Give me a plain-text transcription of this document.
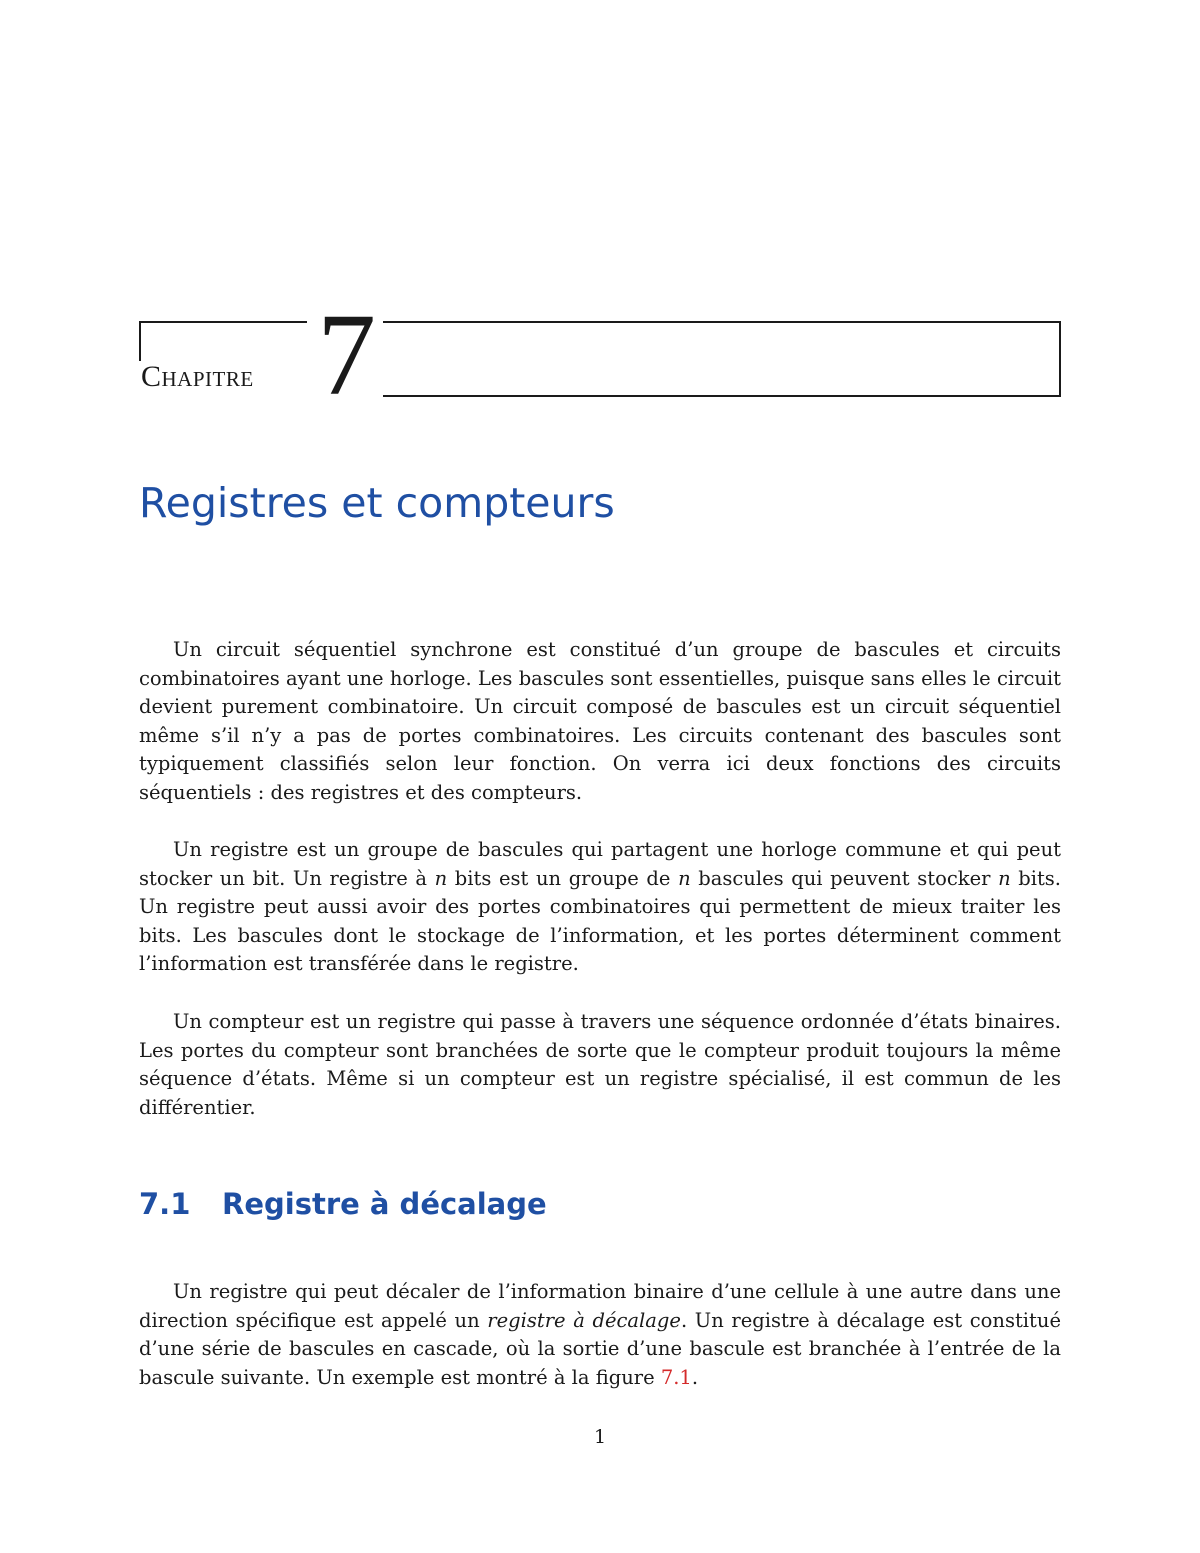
Chapitre 7
Registres et compteurs

Un circuit séquentiel synchrone est constitué d’un groupe de bascules et circuits combinatoires ayant une horloge. Les bascules sont essentielles, puisque sans elles le circuit devient purement combinatoire. Un circuit composé de bascules est un circuit séquentiel même s’il n’y a pas de portes combinatoires. Les circuits contenant des bascules sont typiquement classifiés selon leur fonction. On verra ici deux fonctions des circuits séquentiels : des registres et des compteurs.

Un registre est un groupe de bascules qui partagent une horloge commune et qui peut stocker un bit. Un registre à n bits est un groupe de n bascules qui peuvent stocker n bits. Un registre peut aussi avoir des portes combinatoires qui permettent de mieux traiter les bits. Les bascules dont le stockage de l’information, et les portes déterminent comment l’information est transférée dans le registre.

Un compteur est un registre qui passe à travers une séquence ordonnée d’états binaires. Les portes du compteur sont branchées de sorte que le compteur produit toujours la même séquence d’états. Même si un compteur est un registre spécialisé, il est commun de les différentier.

7.1 Registre à décalage

Un registre qui peut décaler de l’information binaire d’une cellule à une autre dans une direction spécifique est appelé un registre à décalage. Un registre à décalage est constitué d’une série de bascules en cascade, où la sortie d’une bascule est branchée à l’entrée de la bascule suivante. Un exemple est montré à la figure 7.1.

1
